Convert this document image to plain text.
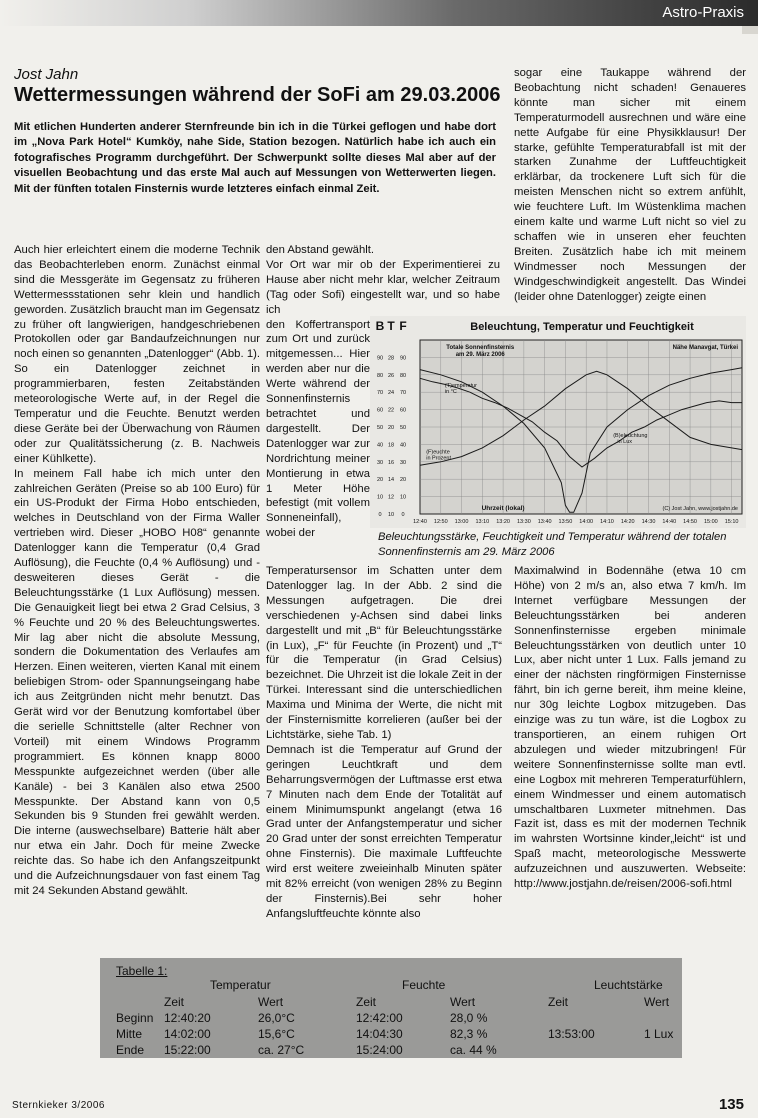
Astro-Praxis
Jost Jahn
Wettermessungen während der SoFi am 29.03.2006

Mit etlichen Hunderten anderer Sternfreunde bin ich in die Türkei geflogen und habe dort im „Nova Park Hotel“ Kumköy, nahe Side, Station bezogen. Natürlich habe ich auch ein fotografisches Programm durchgeführt. Der Schwerpunkt sollte dieses Mal aber auf der visuellen Beobachtung und das erste Mal auch auf Messungen von Wetterwerten liegen. Mit der fünften totalen Finsternis wurde letzteres einfach einmal Zeit.

Auch hier erleichtert einem die moderne Technik das Beobachterleben enorm. Zunächst einmal sind die Messgeräte im Gegensatz zu früheren Wettermessstationen sehr klein und handlich geworden. Zusätzlich braucht man im Gegensatz zu früher oft langwierigen, handgeschriebenen Protokollen oder gar Bandaufzeichnungen nur noch einen so genannten „Datenlogger“ (Abb. 1). So ein Datenlogger zeichnet in programmierbaren, festen Zeitabständen meteorologische Werte auf, in der Regel die Temperatur und die Feuchte. Benutzt werden diese Geräte bei der Überwachung von Räumen oder zur Qualitätssicherung (z. B. Nachweis einer Kühlkette).

In meinem Fall habe ich mich unter den zahlreichen Geräten (Preise so ab 100 Euro) für ein US-Produkt der Firma Hobo entschieden, welches in Deutschland von der Firma Waller vertrieben wird. Dieser „HOBO H08“ genannte Datenlogger kann die Temperatur (0,4 Grad Auflösung), die Feuchte (0,4 % Auflösung) und - desweiteren dieses Gerät - die Beleuchtungsstärke (1 Lux Auflösung) messen. Die Genauigkeit liegt bei etwa 2 Grad Celsius, 3 % Feuchte und 20 % des Beleuchtungswertes. Mir lag aber nicht die absolute Messung, sondern die Dokumentation des Verlaufes am Herzen. Einen weiteren, vierten Kanal mit einem beliebigen Strom- oder Spannungseingang habe ich aus Zeitgründen nicht mehr benutzt. Das Gerät wird vor der Benutzung komfortabel über die serielle Schnittstelle (alter Rechner von Vorteil) mit einem Windows Programm programmiert. Es können knapp 8000 Messpunkte aufgezeichnet werden (über alle Kanäle) - bei 3 Kanälen also etwa 2500 Messpunkte. Der Abstand kann von 0,5 Sekunden bis 9 Stunden frei gewählt werden. Die interne (auswechselbare) Batterie hält aber nur etwa ein Jahr. Doch für meine Zwecke reichte das. So habe ich den Anfangszeitpunkt und die Aufzeichnungsdauer von fast einem Tag mit 24 Sekunden Abstand gewählt.

den Abstand gewählt.

Vor Ort war mir ob der Experimentierei zu Hause aber nicht mehr klar, welcher Zeitraum (Tag oder Sofi) eingestellt war, und so habe ich

den Koffertransport zum Ort und zurück mitgemessen... Hier werden aber nur die Werte während der Sonnenfinsternis betrachtet und dargestellt. Der Datenlogger war zur Nordrichtung meiner Montierung in etwa 1 Meter Höhe befestigt (mit vollem Sonneneinfall), wobei der

Temperatursensor im Schatten unter dem Datenlogger lag. In der Abb. 2 sind die Messungen aufgetragen. Die drei verschiedenen y-Achsen sind dabei links dargestellt und mit „B“ für Beleuchtungsstärke (in Lux), „F“ für Feuchte (in Prozent) und „T“ für die Temperatur (in Grad Celsius) bezeichnet. Die Uhrzeit ist die lokale Zeit in der Türkei. Interessant sind die unterschiedlichen Maxima und Minima der Werte, die nicht mit der Finsternismitte korrelieren (außer bei der Lichtstärke, siehe Tab. 1)

Demnach ist die Temperatur auf Grund der geringen Leuchtkraft und dem Beharrungsvermögen der Luftmasse erst etwa 7 Minuten nach dem Ende der Totalität auf einem Minimumspunkt angelangt (etwa 16 Grad unter der Anfangstemperatur und sicher 20 Grad unter der sonst erreichten Temperatur ohne Finsternis). Die maximale Luftfeuchte wird erst weitere zweieinhalb Minuten später mit 82% erreicht (von wenigen 28% zu Beginn der Finsternis).Bei sehr hoher Anfangsluftfeuchte könnte also

sogar eine Taukappe während der Beobachtung nicht schaden! Genaueres könnte man sicher mit einem Temperaturmodell ausrechnen und wäre eine nette Aufgabe für eine Physikklausur! Der starke, gefühlte Temperaturabfall ist mit der starken Zunahme der Luftfeuchtigkeit erklärbar, da trockenere Luft sich für die meisten Menschen nicht so extrem anfühlt, wie feuchtere Luft. Im Wüstenklima machen einem kalte und warme Luft nicht so viel zu schaffen wie in unseren eher feuchten Breiten. Zusätzlich habe ich mit meinem Windmesser noch Messungen der Windgeschwindigkeit angestellt. Das Windei (leider ohne Datenlogger) zeigte einen

Maximalwind in Bodennähe (etwa 10 cm Höhe) von 2 m/s an, also etwa 7 km/h. Im Internet verfügbare Messungen der Beleuchtungsstärken bei anderen Sonnenfinsternisse ergeben minimale Beleuchtungsstärken von deutlich unter 10 Lux, aber nicht unter 1 Lux. Falls jemand zu einer der nächsten ringförmigen Finsternisse fährt, bin ich gerne bereit, ihm meine kleine, nur 30g leichte Logbox mitzugeben. Das einzige was zu tun wäre, ist die Logbox zu transportieren, an einem ruhigen Ort abzulegen und wieder mitzubringen! Für weitere Sonnenfinsternisse sollte man evtl. eine Logbox mit mehreren Temperaturfühlern, einem Windmesser und einem automatisch umschaltbaren Luxmeter mitnehmen. Das Fazit ist, dass es mit der modernen Technik im wahrsten Wortsinne kinder„leicht“ ist und Spaß macht, meteorologische Messwerte aufzuzeichnen und auszuwerten. Webseite: http://www.jostjahn.de/reisen/2006-sofi.html

B T F	Beleuchtung, Temperatur und Feuchtigkeit
0 10 0
10 12 10
20 14 20
30 16 30
40 18 40
50 20 50
60 22 60
70 24 70
80 26 80
90 28 90
12:40 12:50 13:00 13:10 13:20 13:30 13:40 13:50 14:00 14:10 14:20 14:30 14:40 14:50 15:00 15:10
(T)emperatur
in °C
(F)euchte
in Prozent
(B)eleuchtung
in Lux
Totale Sonnenfinsternis
am 29. März 2006
Nähe Manavgat, Türkei
Uhrzeit (lokal)	(C) Jost Jahn, www.jostjahn.de
Beleuchtungsstärke, Feuchtigkeit und Temperatur während der totalen Sonnenfinsternis am 29. März 2006
Tabelle 1:
Temperatur	Feuchte	Leuchtstärke
Zeit	Wert	Zeit	Wert	Zeit	Wert
Beginn 12:40:20	26,0°C	12:42:00	28,0 %
Mitte 14:02:00	15,6°C	14:04:30	82,3 %	13:53:00	1 Lux
Ende 15:22:00	ca. 27°C	15:24:00	ca. 44 %
Sternkieker 3/2006	135
